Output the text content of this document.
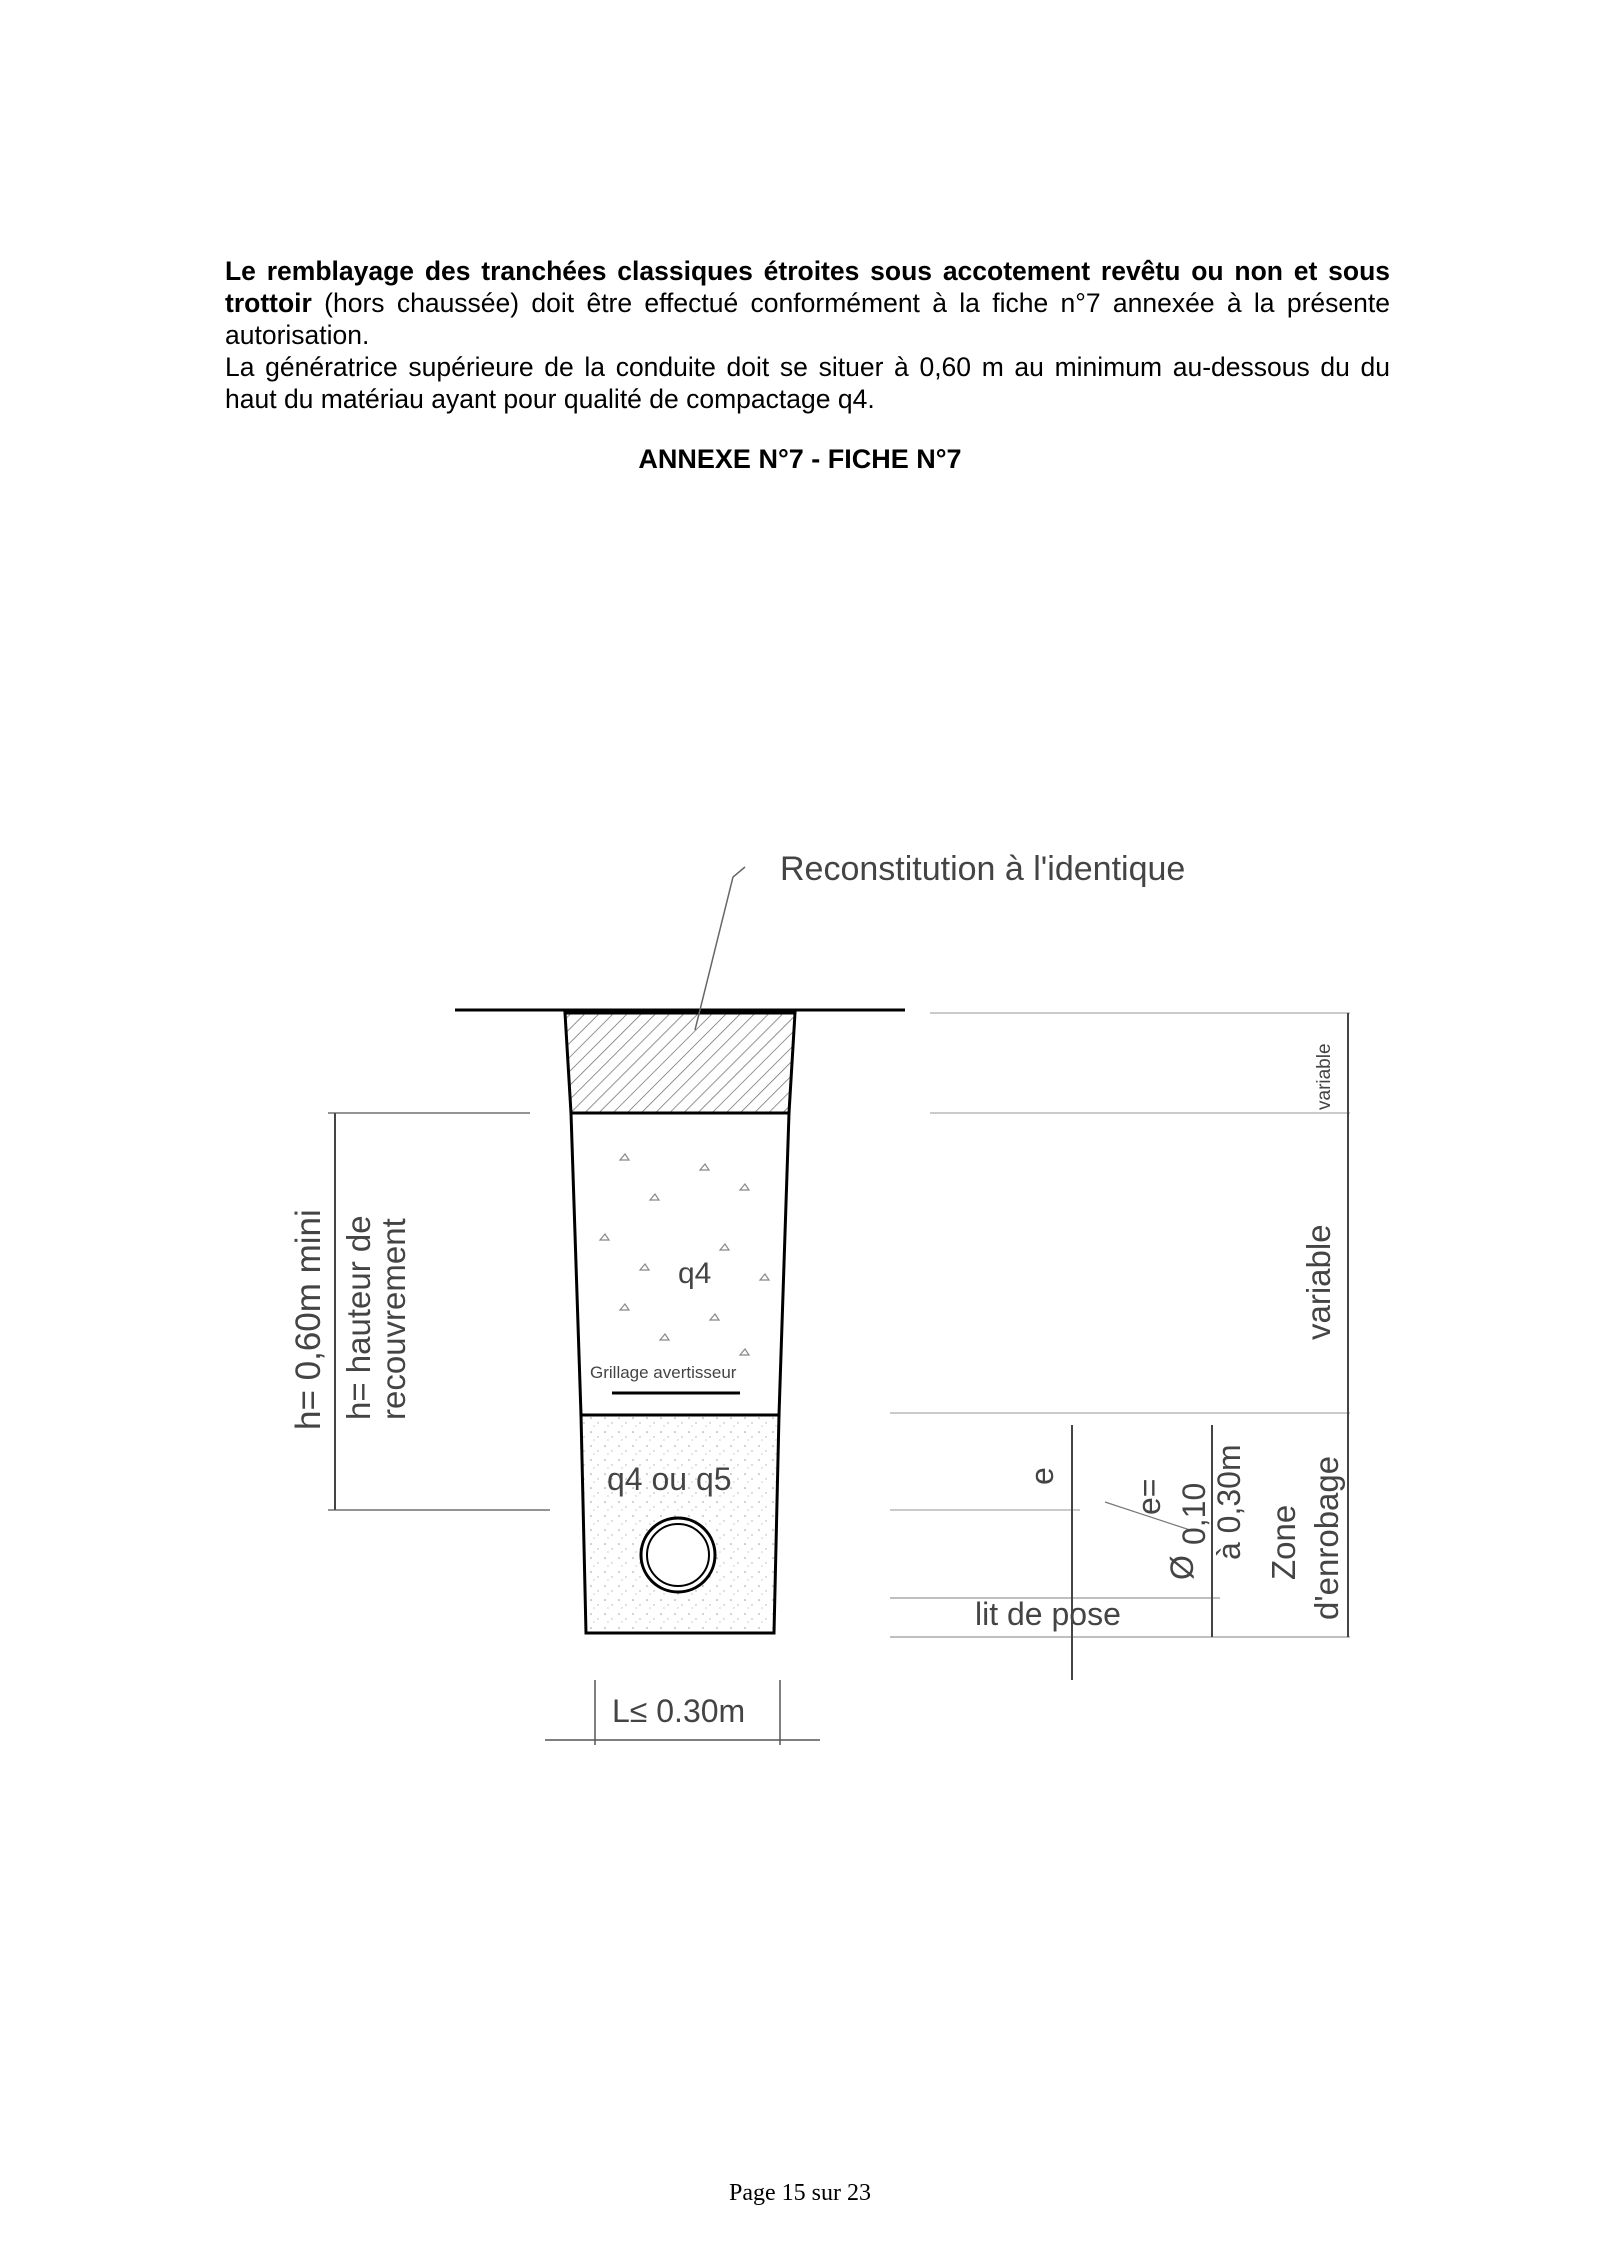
Le remblayage des tranchées classiques étroites sous accotement revêtu ou non et sous trottoir (hors chaussée) doit être effectué conformément à la fiche n°7 annexée à la présente autorisation.
La génératrice supérieure de la conduite doit se situer à 0,60 m au minimum au-dessous du du haut du matériau ayant pour qualité de compactage q4.
ANNEXE N°7 - FICHE N°7
Reconstitution à l'identique
q4
Grillage avertisseur
q4 ou q5
h= 0,60m mini h= hauteur de
recouvrement
variable
variable
e
e= 0,10 à 0,30m
Ø Zone d'enrobage
lit de pose
L≤ 0.30m
Page 15 sur 23
